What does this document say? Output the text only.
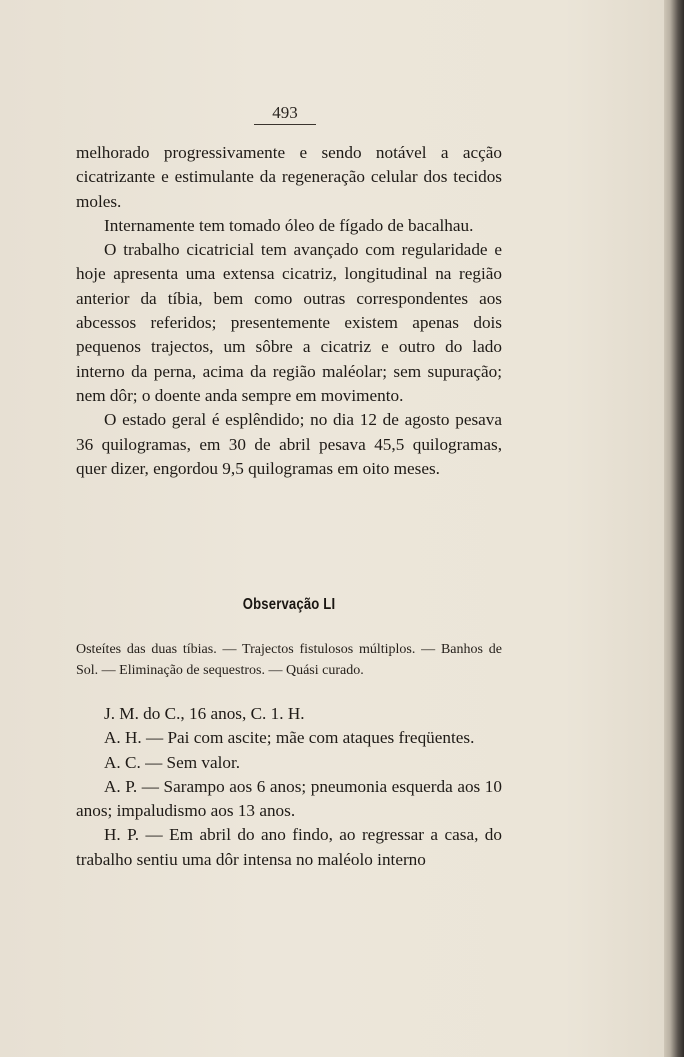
493

melhorado progressivamente e sendo notável a acção cicatrizante e estimulante da regeneração celular dos tecidos moles.

Internamente tem tomado óleo de fígado de bacalhau.

O trabalho cicatricial tem avançado com regularidade e hoje apresenta uma extensa cicatriz, longitudinal na região anterior da tíbia, bem como outras correspondentes aos abcessos referidos; presentemente existem apenas dois pequenos trajectos, um sôbre a cicatriz e outro do lado interno da perna, acima da região maléolar; sem supuração; nem dôr; o doente anda sempre em movimento.

O estado geral é esplêndido; no dia 12 de agosto pesava 36 quilogramas, em 30 de abril pesava 45,5 quilogramas, quer dizer, engordou 9,5 quilogramas em oito meses.

Observação LI

Osteítes das duas tíbias. — Trajectos fistulosos múltiplos. — Banhos de Sol. — Eliminação de sequestros. — Quási curado.

J. M. do C., 16 anos, C. 1. H.

A. H. — Pai com ascite; mãe com ataques freqüentes.

A. C. — Sem valor.

A. P. — Sarampo aos 6 anos; pneumonia esquerda aos 10 anos; impaludismo aos 13 anos.

H. P. — Em abril do ano findo, ao regressar a casa, do trabalho sentiu uma dôr intensa no maléolo interno
